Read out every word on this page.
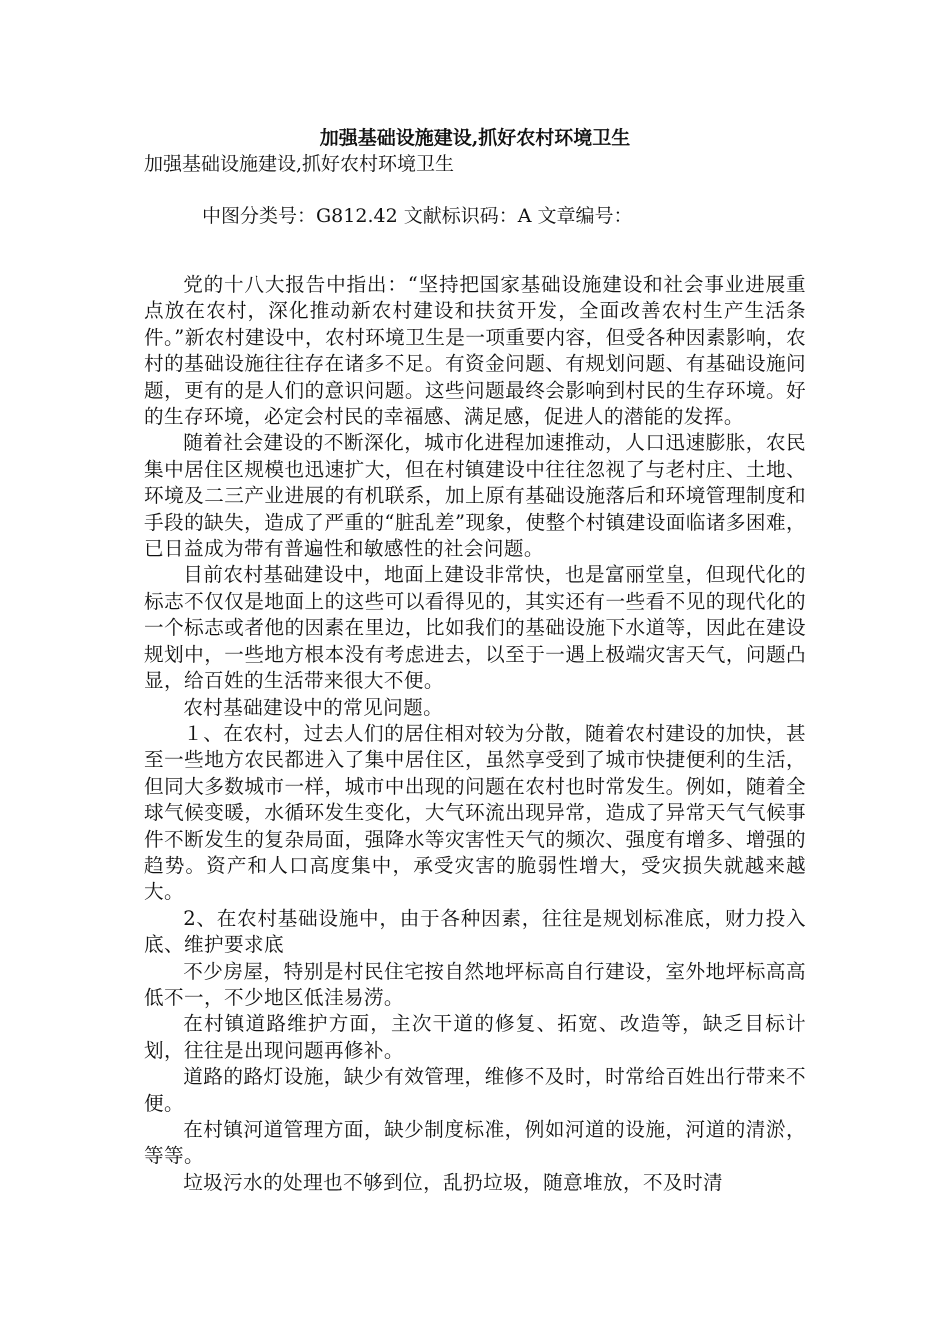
加强基础设施建设,抓好农村环境卫生
加强基础设施建设,抓好农村环境卫生
中图分类号：G812.42 文献标识码：A 文章编号：

党的十八大报告中指出：“坚持把国家基础设施建设和社会事业进展重点放在农村，深化推动新农村建设和扶贫开发，全面改善农村生产生活条件。”新农村建设中，农村环境卫生是一项重要内容，但受各种因素影响，农村的基础设施往往存在诸多不足。有资金问题、有规划问题、有基础设施问题，更有的是人们的意识问题。这些问题最终会影响到村民的生存环境。好的生存环境，必定会村民的幸福感、满足感，促进人的潜能的发挥。

随着社会建设的不断深化，城市化进程加速推动，人口迅速膨胀，农民集中居住区规模也迅速扩大，但在村镇建设中往往忽视了与老村庄、土地、环境及二三产业进展的有机联系，加上原有基础设施落后和环境管理制度和手段的缺失，造成了严重的“脏乱差”现象，使整个村镇建设面临诸多困难，已日益成为带有普遍性和敏感性的社会问题。

目前农村基础建设中，地面上建设非常快，也是富丽堂皇，但现代化的标志不仅仅是地面上的这些可以看得见的，其实还有一些看不见的现代化的一个标志或者他的因素在里边，比如我们的基础设施下水道等，因此在建设规划中，一些地方根本没有考虑进去，以至于一遇上极端灾害天气，问题凸显，给百姓的生活带来很大不便。

农村基础建设中的常见问题。

１、在农村，过去人们的居住相对较为分散，随着农村建设的加快，甚至一些地方农民都进入了集中居住区，虽然享受到了城市快捷便利的生活，但同大多数城市一样，城市中出现的问题在农村也时常发生。例如，随着全球气候变暖，水循环发生变化，大气环流出现异常，造成了异常天气气候事件不断发生的复杂局面，强降水等灾害性天气的频次、强度有增多、增强的趋势。资产和人口高度集中，承受灾害的脆弱性增大，受灾损失就越来越大。

2、在农村基础设施中，由于各种因素，往往是规划标准底，财力投入底、维护要求底

不少房屋，特别是村民住宅按自然地坪标高自行建设，室外地坪标高高低不一，不少地区低洼易涝。

在村镇道路维护方面，主次干道的修复、拓宽、改造等，缺乏目标计划，往往是出现问题再修补。

道路的路灯设施，缺少有效管理，维修不及时，时常给百姓出行带来不便。

在村镇河道管理方面，缺少制度标准，例如河道的设施，河道的清淤，等等。

垃圾污水的处理也不够到位，乱扔垃圾，随意堆放，不及时清
